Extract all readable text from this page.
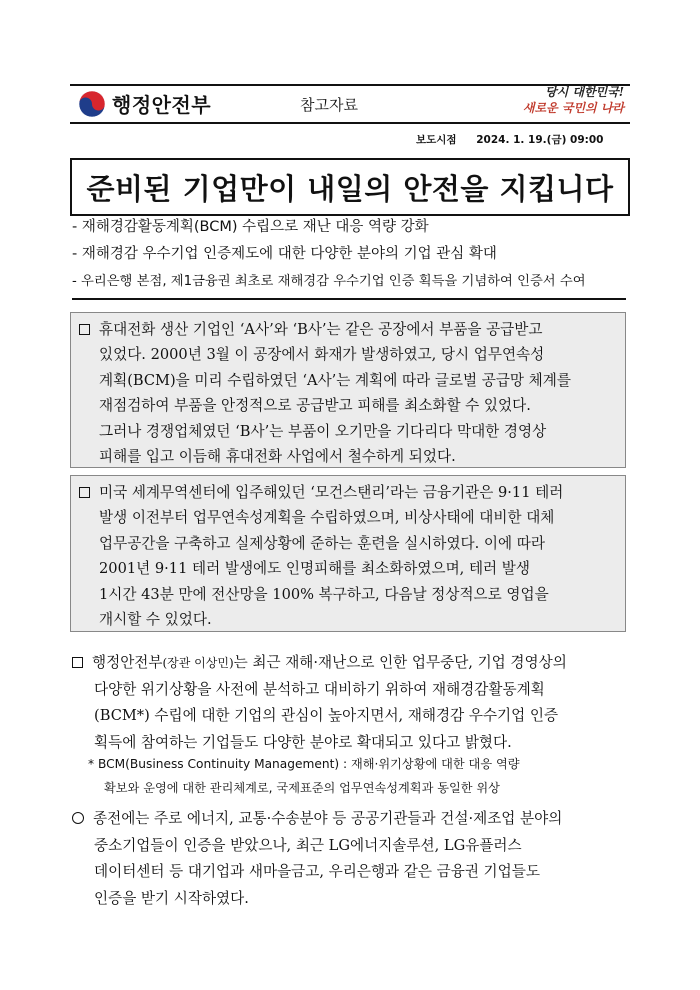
행정안전부	참고자료
당시 대한민국!
새로운 국민의 나라
보도시점 2024. 1. 19.(금) 09:00
준비된 기업만이 내일의 안전을 지킵니다
- 재해경감활동계획(BCM) 수립으로 재난 대응 역량 강화
- 재해경감 우수기업 인증제도에 대한 다양한 분야의 기업 관심 확대
- 우리은행 본점, 제1금융권 최초로 재해경감 우수기업 인증 획득을 기념하여 인증서 수여

휴대전화 생산 기업인 ‘A사’와 ‘B사’는 같은 공장에서 부품을 공급받고
있었다. 2000년 3월 이 공장에서 화재가 발생하였고, 당시 업무연속성
계획(BCM)을 미리 수립하였던 ‘A사’는 계획에 따라 글로벌 공급망 체계를
재점검하여 부품을 안정적으로 공급받고 피해를 최소화할 수 있었다.
그러나 경쟁업체였던 ‘B사’는 부품이 오기만을 기다리다 막대한 경영상
피해를 입고 이듬해 휴대전화 사업에서 철수하게 되었다.

미국 세계무역센터에 입주해있던 ‘모건스탠리’라는 금융기관은 9·11 테러
발생 이전부터 업무연속성계획을 수립하였으며, 비상사태에 대비한 대체
업무공간을 구축하고 실제상황에 준하는 훈련을 실시하였다. 이에 따라
2001년 9·11 테러 발생에도 인명피해를 최소화하였으며, 테러 발생
1시간 43분 만에 전산망을 100% 복구하고, 다음날 정상적으로 영업을
개시할 수 있었다.

행정안전부(장관 이상민)는 최근 재해·재난으로 인한 업무중단, 기업 경영상의
다양한 위기상황을 사전에 분석하고 대비하기 위하여 재해경감활동계획
(BCM*) 수립에 대한 기업의 관심이 높아지면서, 재해경감 우수기업 인증
획득에 참여하는 기업들도 다양한 분야로 확대되고 있다고 밝혔다.

* BCM(Business Continuity Management) : 재해·위기상황에 대한 대응 역량
확보와 운영에 대한 관리체계로, 국제표준의 업무연속성계획과 동일한 위상

종전에는 주로 에너지, 교통·수송분야 등 공공기관들과 건설·제조업 분야의
중소기업들이 인증을 받았으나, 최근 LG에너지솔루션, LG유플러스
데이터센터 등 대기업과 새마을금고, 우리은행과 같은 금융권 기업들도
인증을 받기 시작하였다.
